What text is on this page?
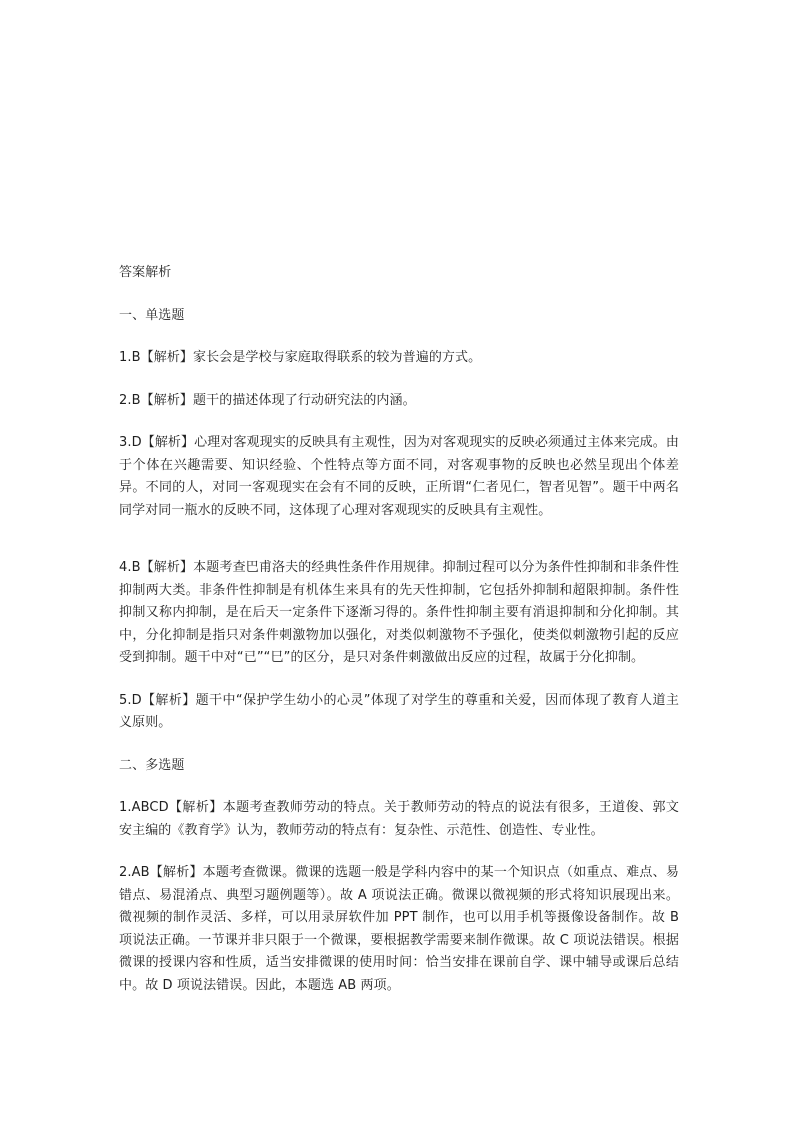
答案解析

一、单选题

1.B【解析】家长会是学校与家庭取得联系的较为普遍的方式。

2.B【解析】题干的描述体现了行动研究法的内涵。

3.D【解析】心理对客观现实的反映具有主观性，因为对客观现实的反映必须通过主体来完成。由于个体在兴趣需要、知识经验、个性特点等方面不同，对客观事物的反映也必然呈现出个体差异。不同的人，对同一客观现实在会有不同的反映，正所谓“仁者见仁，智者见智”。题干中两名同学对同一瓶水的反映不同，这体现了心理对客观现实的反映具有主观性。

4.B【解析】本题考查巴甫洛夫的经典性条件作用规律。抑制过程可以分为条件性抑制和非条件性抑制两大类。非条件性抑制是有机体生来具有的先天性抑制，它包括外抑制和超限抑制。条件性抑制又称内抑制，是在后天一定条件下逐渐习得的。条件性抑制主要有消退抑制和分化抑制。其中，分化抑制是指只对条件刺激物加以强化，对类似刺激物不予强化，使类似刺激物引起的反应受到抑制。题干中对“已”“巳”的区分，是只对条件刺激做出反应的过程，故属于分化抑制。

5.D【解析】题干中“保护学生幼小的心灵”体现了对学生的尊重和关爱，因而体现了教育人道主义原则。

二、多选题

1.ABCD【解析】本题考查教师劳动的特点。关于教师劳动的特点的说法有很多，王道俊、郭文安主编的《教育学》认为，教师劳动的特点有：复杂性、示范性、创造性、专业性。

2.AB【解析】本题考查微课。微课的选题一般是学科内容中的某一个知识点（如重点、难点、易错点、易混淆点、典型习题例题等）。故 A 项说法正确。微课以微视频的形式将知识展现出来。微视频的制作灵活、多样，可以用录屏软件加 PPT 制作，也可以用手机等摄像设备制作。故 B 项说法正确。一节课并非只限于一个微课，要根据教学需要来制作微课。故 C 项说法错误。根据微课的授课内容和性质，适当安排微课的使用时间：恰当安排在课前自学、课中辅导或课后总结中。故 D 项说法错误。因此，本题选 AB 两项。
